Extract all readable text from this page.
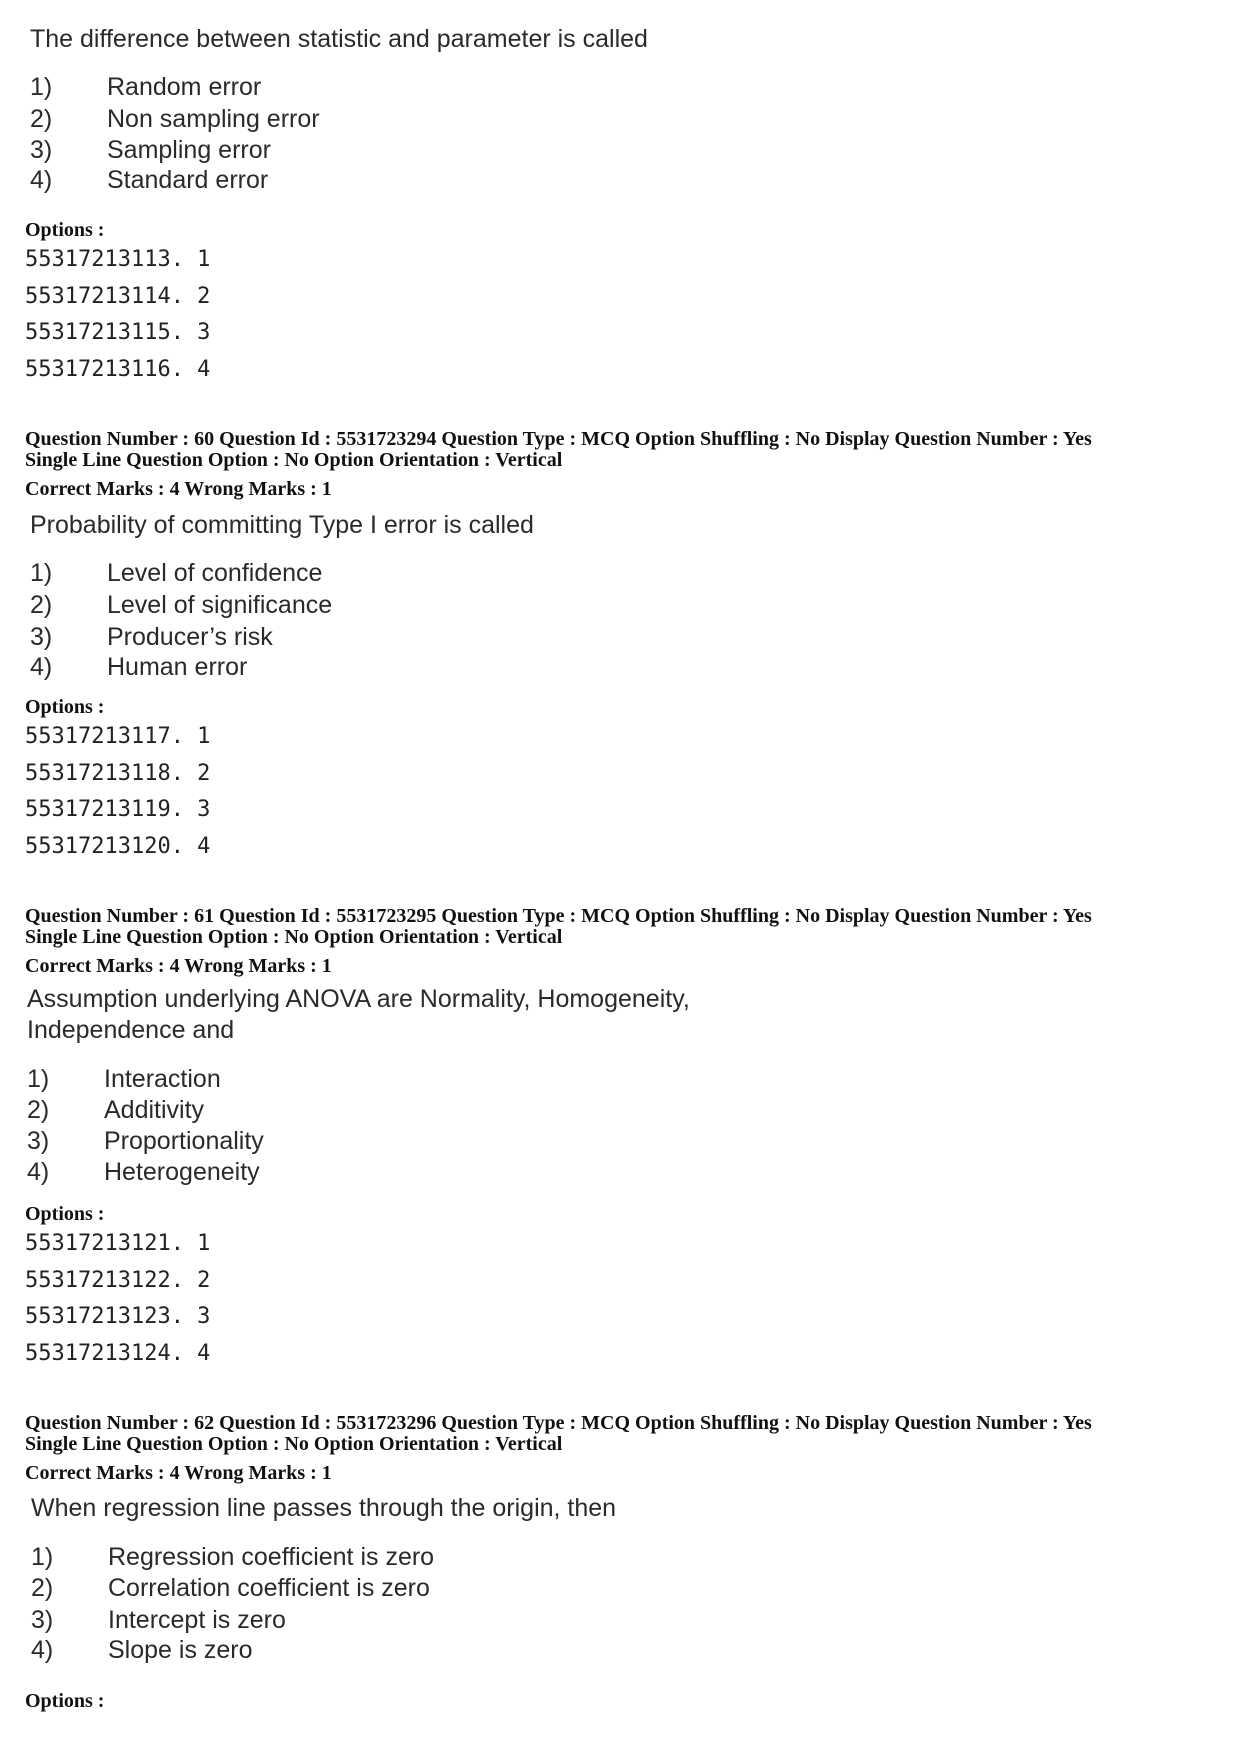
The difference between statistic and parameter is called
1) Random error
2) Non sampling error
3) Sampling error
4) Standard error
Options :
55317213113. 1
55317213114. 2
55317213115. 3
55317213116. 4
Question Number : 60 Question Id : 5531723294 Question Type : MCQ Option Shuffling : No Display Question Number : Yes
Single Line Question Option : No Option Orientation : Vertical
Correct Marks : 4 Wrong Marks : 1
Probability of committing Type I error is called
1) Level of confidence
2) Level of significance
3) Producer’s risk
4) Human error
Options :
55317213117. 1
55317213118. 2
55317213119. 3
55317213120. 4
Question Number : 61 Question Id : 5531723295 Question Type : MCQ Option Shuffling : No Display Question Number : Yes
Single Line Question Option : No Option Orientation : Vertical
Correct Marks : 4 Wrong Marks : 1
Assumption underlying ANOVA are Normality, Homogeneity,
Independence and
1) Interaction
2) Additivity
3) Proportionality
4) Heterogeneity
Options :
55317213121. 1
55317213122. 2
55317213123. 3
55317213124. 4
Question Number : 62 Question Id : 5531723296 Question Type : MCQ Option Shuffling : No Display Question Number : Yes
Single Line Question Option : No Option Orientation : Vertical
Correct Marks : 4 Wrong Marks : 1
When regression line passes through the origin, then
1) Regression coefficient is zero
2) Correlation coefficient is zero
3) Intercept is zero
4) Slope is zero
Options :
